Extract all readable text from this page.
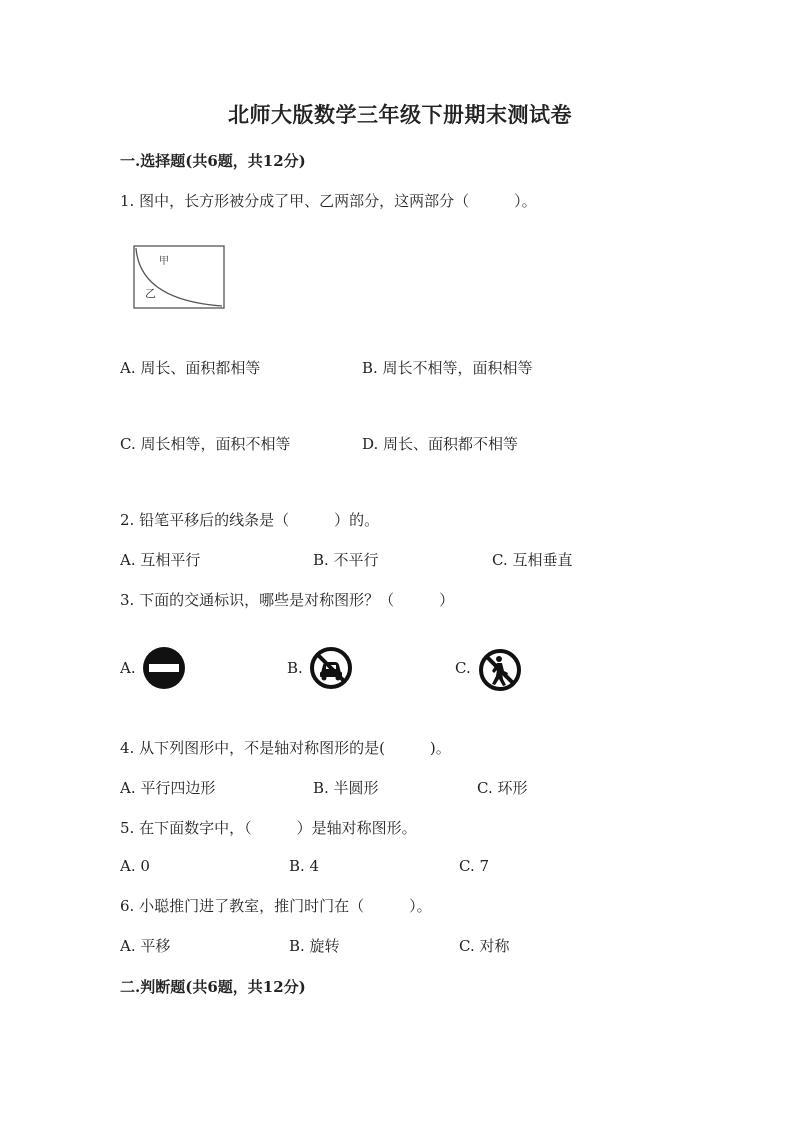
北师大版数学三年级下册期末测试卷
一.选择题(共6题，共12分)
1. 图中，长方形被分成了甲、乙两部分，这两部分（　　　）。
甲
乙
A. 周长、面积都相等	B. 周长不相等，面积相等
C. 周长相等，面积不相等	D. 周长、面积都不相等
2. 铅笔平移后的线条是（　　　）的。
A. 互相平行	B. 不平行	C. 互相垂直
3. 下面的交通标识，哪些是对称图形？（　　　）
A.	B.	C.
4. 从下列图形中，不是轴对称图形的是(　　　)。
A. 平行四边形	B. 半圆形	C. 环形
5. 在下面数字中，（　　　）是轴对称图形。
A. 0	B. 4	C. 7
6. 小聪推门进了教室，推门时门在（　　　）。
A. 平移	B. 旋转	C. 对称
二.判断题(共6题，共12分)
